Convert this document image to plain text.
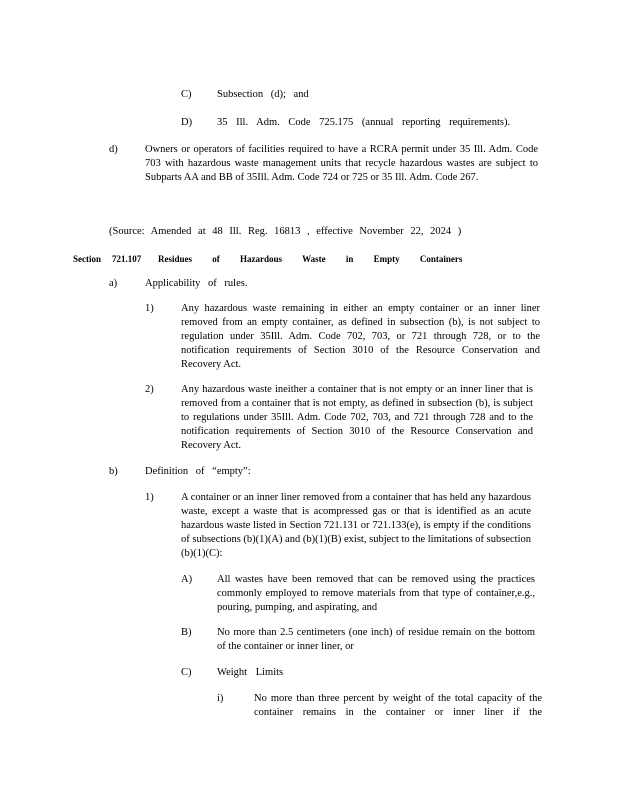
C) Subsection (d); and
D) 35 Ill. Adm. Code 725.175 (annual reporting requirements).
d)	Owners or operators of facilities required to have a RCRA permit under 35 Ill. Adm. Code 703 with hazardous waste management units that recycle hazardous wastes are subject to Subparts AA and BB of 35Ill. Adm. Code 724 or 725 or 35 Ill. Adm. Code 267.
(Source: Amended at 48 Ill. Reg. 16813 , effective November 22, 2024 )
Section 721.107 Residues of Hazardous Waste in Empty Containers
a)	Applicability of rules.
1)	Any hazardous waste remaining in either an empty container or an inner liner removed from an empty container, as defined in subsection (b), is not subject to regulation under 35Ill. Adm. Code 702, 703, or 721 through 728, or to the notification requirements of Section 3010 of the Resource Conservation and Recovery Act.
2)	Any hazardous waste ineither a container that is not empty or an inner liner that is removed from a container that is not empty, as defined in subsection (b), is subject to regulations under 35Ill. Adm. Code 702, 703, and 721 through 728 and to the notification requirements of Section 3010 of the Resource Conservation and Recovery Act.
b)	Definition of “empty”:
1)	A container or an inner liner removed from a container that has held any hazardous waste, except a waste that is acompressed gas or that is identified as an acute hazardous waste listed in Section 721.131 or 721.133(e), is empty if the conditions of subsections (b)(1)(A) and (b)(1)(B) exist, subject to the limitations of subsection (b)(1)(C):
A) All wastes have been removed that can be removed using the practices commonly employed to remove materials from that type of container,e.g., pouring, pumping, and aspirating, and
B) No more than 2.5 centimeters (one inch) of residue remain on the bottom of the container or inner liner, or
C) Weight Limits
i)	No more than three percent by weight of the total capacity of the container remains in the container or inner liner if the
